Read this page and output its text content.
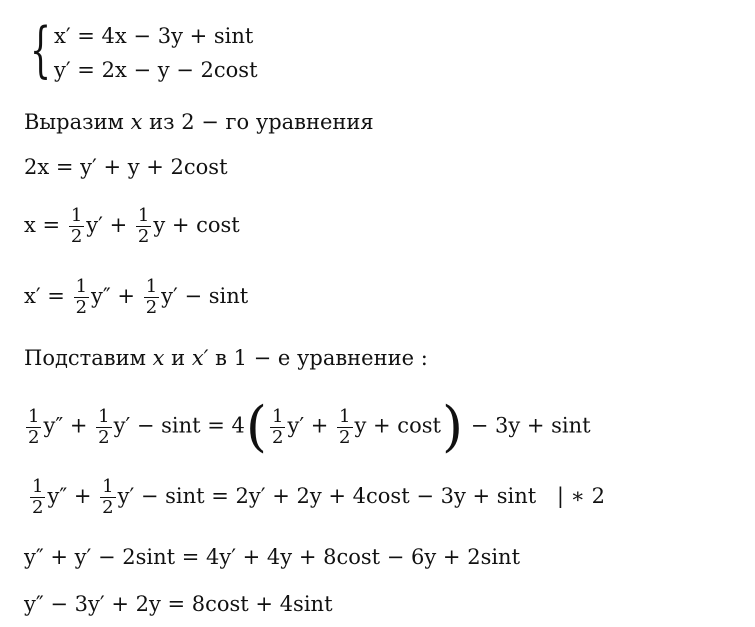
{ x′ = 4x − 3y + sint
y′ = 2x − y − 2cost
Выразим x из 2 − го уравнения
2x = y′ + y + 2cost
$x = \frac{1}{2} y' + \frac{1}{2}$ y + cost
$x' = \frac{1}{2} y'' + \frac{1}{2} y' - \sin t$
Подставим x и x′ в 1 − е уравнение :
$\frac{1}{2} y'' + \frac{1}{2} y' - \sin t = 4( \frac{1}{2} y' + \frac{1}{2}$ y + cost) − 3y + sint
$\frac{1}{2} y'' + \frac{1}{2} y' - \sin t = 2y' + 2y + 4\cos t - 3y + \sin t$ | ∗ 2
y″ + y′ − 2sint = 4y′ + 4y + 8cost − 6y + 2sint
y″ − 3y′ + 2y = 8cost + 4sint
